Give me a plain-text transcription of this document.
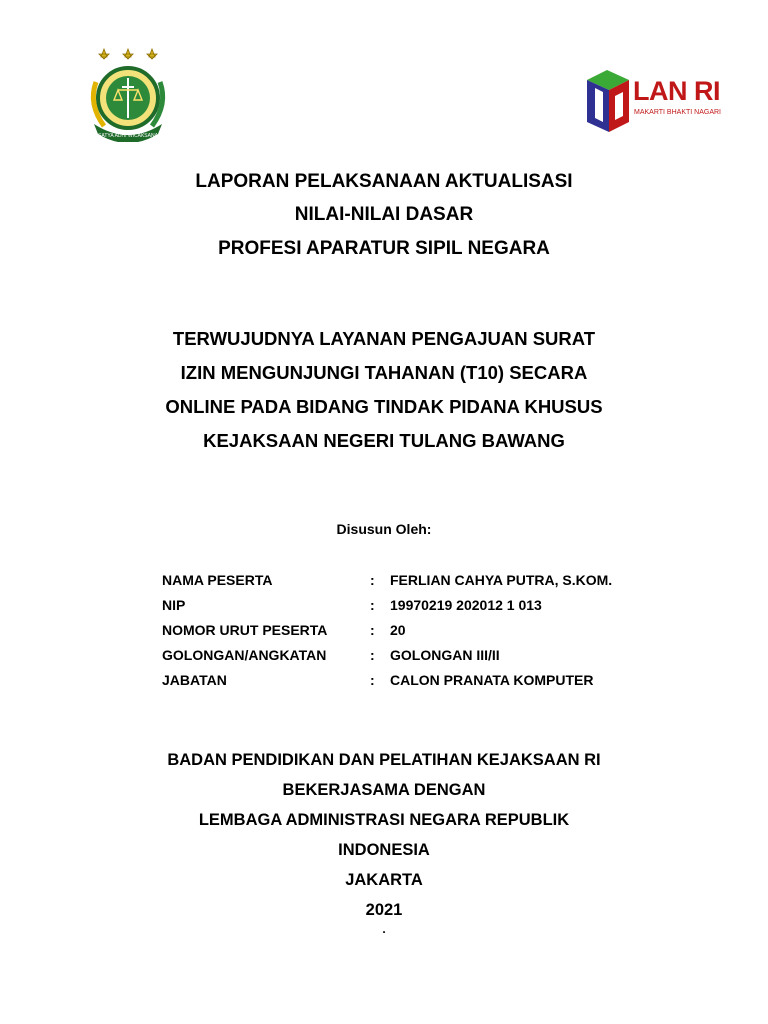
SATYA ADHI WICAKSANA
LAN RI
MAKARTI BHAKTI NAGARI
LAPORAN PELAKSANAAN AKTUALISASI
NILAI-NILAI DASAR
PROFESI APARATUR SIPIL NEGARA
TERWUJUDNYA LAYANAN PENGAJUAN SURAT
IZIN MENGUNJUNGI TAHANAN (T10) SECARA
ONLINE PADA BIDANG TINDAK PIDANA KHUSUS
KEJAKSAAN NEGERI TULANG BAWANG
Disusun Oleh:
NAMA PESERTA	: FERLIAN CAHYA PUTRA, S.KOM.
NIP	: 19970219 202012 1 013
NOMOR URUT PESERTA	: 20
GOLONGAN/ANGKATAN	: GOLONGAN III/II
JABATAN	: CALON PRANATA KOMPUTER
BADAN PENDIDIKAN DAN PELATIHAN KEJAKSAAN RI
BEKERJASAMA DENGAN
LEMBAGA ADMINISTRASI NEGARA REPUBLIK
INDONESIA
JAKARTA
2021
.
